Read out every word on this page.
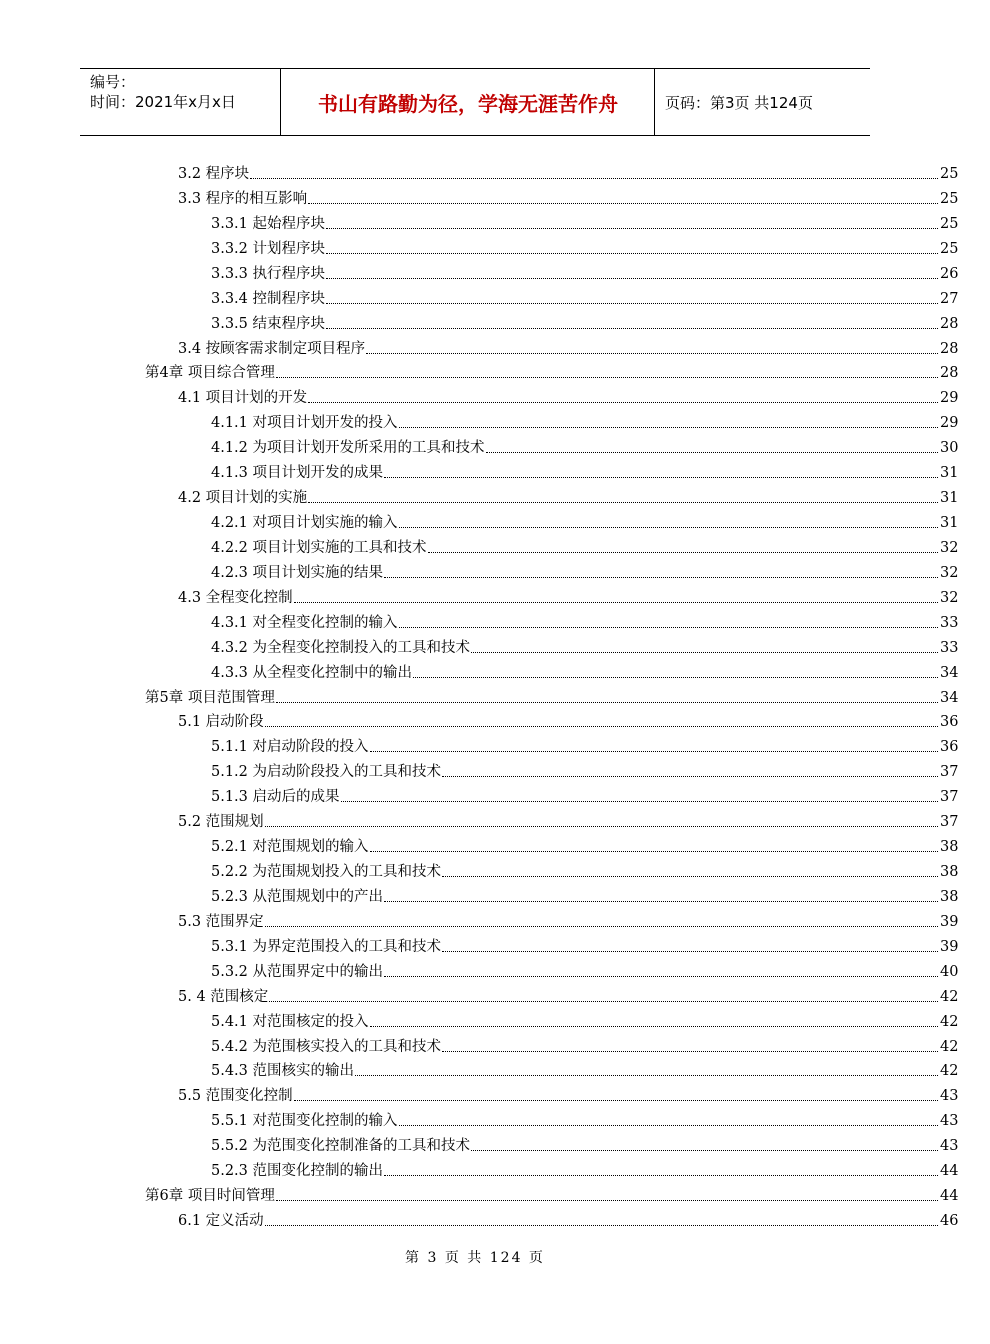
编号：
时间：2021年x月x日	书山有路勤为径，学海无涯苦作舟	页码：第3页 共124页
3.2 程序块	25
3.3 程序的相互影响	25
3.3.1 起始程序块	25
3.3.2 计划程序块	25
3.3.3 执行程序块	26
3.3.4 控制程序块	27
3.3.5 结束程序块	28
3.4 按顾客需求制定项目程序	28
第4章 项目综合管理	28
4.1 项目计划的开发	29
4.1.1 对项目计划开发的投入	29
4.1.2 为项目计划开发所采用的工具和技术	30
4.1.3 项目计划开发的成果	31
4.2 项目计划的实施	31
4.2.1 对项目计划实施的输入	31
4.2.2 项目计划实施的工具和技术	32
4.2.3 项目计划实施的结果	32
4.3 全程变化控制	32
4.3.1 对全程变化控制的输入	33
4.3.2 为全程变化控制投入的工具和技术	33
4.3.3 从全程变化控制中的输出	34
第5章 项目范围管理	34
5.1 启动阶段	36
5.1.1 对启动阶段的投入	36
5.1.2 为启动阶段投入的工具和技术	37
5.1.3 启动后的成果	37
5.2 范围规划	37
5.2.1 对范围规划的输入	38
5.2.2 为范围规划投入的工具和技术	38
5.2.3 从范围规划中的产出	38
5.3 范围界定	39
5.3.1 为界定范围投入的工具和技术	39
5.3.2 从范围界定中的输出	40
5. 4 范围核定	42
5.4.1 对范围核定的投入	42
5.4.2 为范围核实投入的工具和技术	42
5.4.3 范围核实的输出	42
5.5 范围变化控制	43
5.5.1 对范围变化控制的输入	43
5.5.2 为范围变化控制准备的工具和技术	43
5.2.3 范围变化控制的输出	44
第6章 项目时间管理	44
6.1 定义活动	46
第 3 页 共 124 页
